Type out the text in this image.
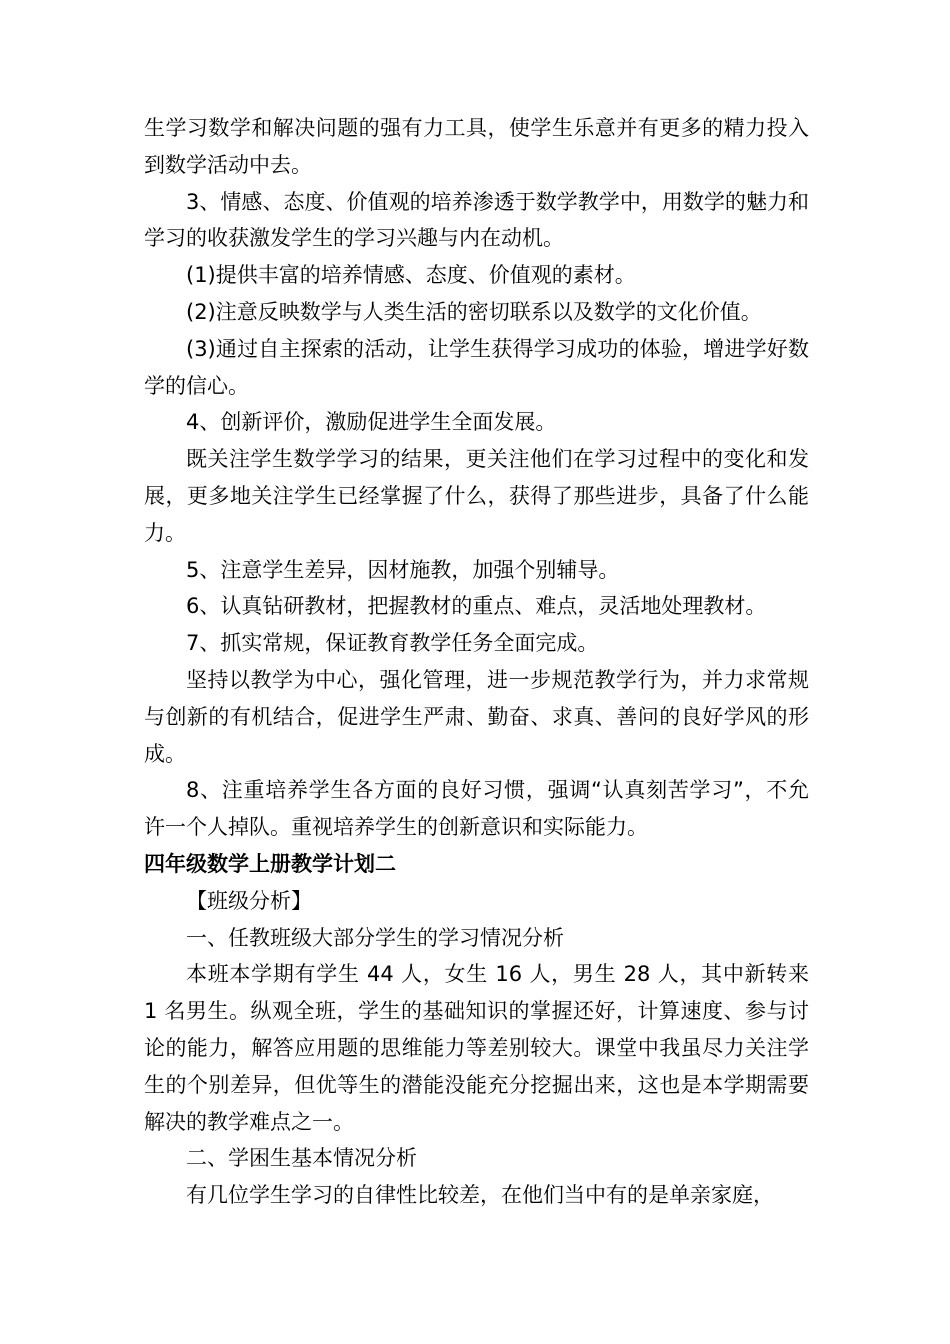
生学习数学和解决问题的强有力工具，使学生乐意并有更多的精力投入到数学活动中去。

3、情感、态度、价值观的培养渗透于数学教学中，用数学的魅力和学习的收获激发学生的学习兴趣与内在动机。

(1)提供丰富的培养情感、态度、价值观的素材。

(2)注意反映数学与人类生活的密切联系以及数学的文化价值。

(3)通过自主探索的活动，让学生获得学习成功的体验，增进学好数学的信心。

4、创新评价，激励促进学生全面发展。

既关注学生数学学习的结果，更关注他们在学习过程中的变化和发展，更多地关注学生已经掌握了什么，获得了那些进步，具备了什么能力。

5、注意学生差异，因材施教，加强个别辅导。

6、认真钻研教材，把握教材的重点、难点，灵活地处理教材。

7、抓实常规，保证教育教学任务全面完成。

坚持以教学为中心，强化管理，进一步规范教学行为，并力求常规与创新的有机结合，促进学生严肃、勤奋、求真、善问的良好学风的形成。

8、注重培养学生各方面的良好习惯，强调“认真刻苦学习”，不允许一个人掉队。重视培养学生的创新意识和实际能力。

四年级数学上册教学计划二

【班级分析】

一、任教班级大部分学生的学习情况分析

本班本学期有学生 44 人，女生 16 人，男生 28 人，其中新转来 1 名男生。纵观全班，学生的基础知识的掌握还好，计算速度、参与讨论的能力，解答应用题的思维能力等差别较大。课堂中我虽尽力关注学生的个别差异，但优等生的潜能没能充分挖掘出来，这也是本学期需要解决的教学难点之一。

二、学困生基本情况分析

有几位学生学习的自律性比较差，在他们当中有的是单亲家庭，
